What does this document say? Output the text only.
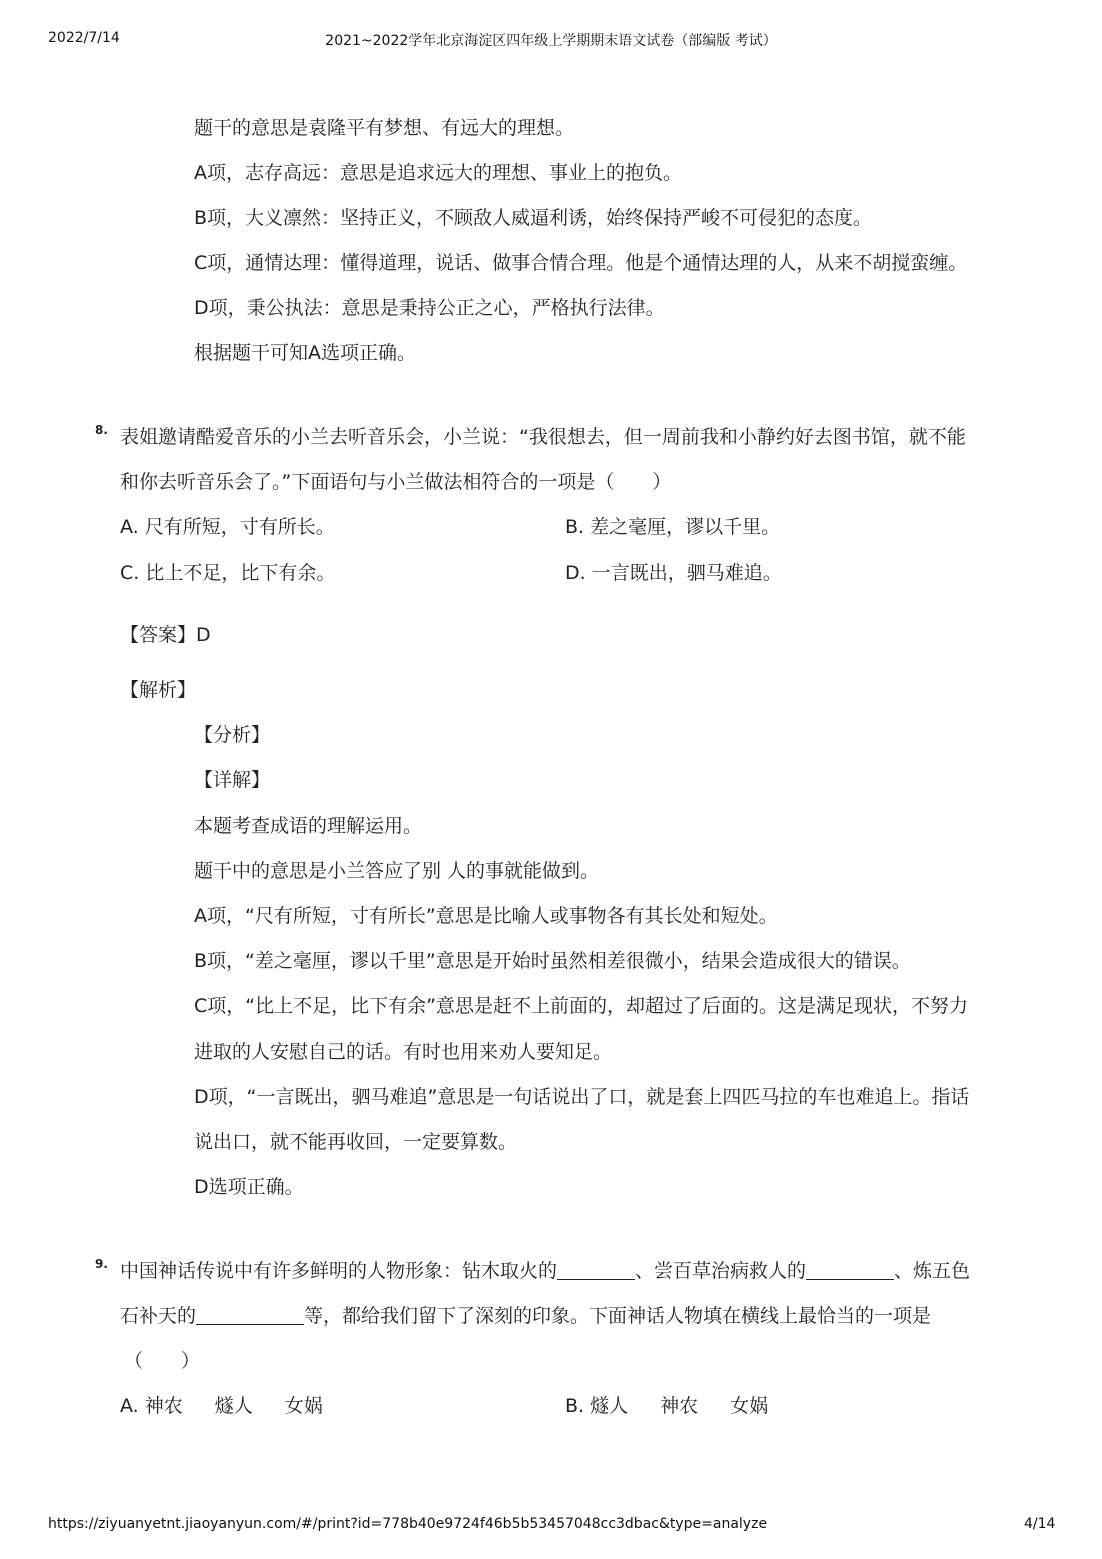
2022/7/14	2021~2022学年北京海淀区四年级上学期期末语文试卷（部编版 考试）
题干的意思是袁隆平有梦想、有远大的理想。
A项，志存高远：意思是追求远大的理想、事业上的抱负。
B项，大义凛然：坚持正义，不顾敌人威逼利诱，始终保持严峻不可侵犯的态度。
C项，通情达理：懂得道理，说话、做事合情合理。他是个通情达理的人，从来不胡搅蛮缠。
D项，秉公执法：意思是秉持公正之心，严格执行法律。
根据题干可知A选项正确。
8. 表姐邀请酷爱音乐的小兰去听音乐会，小兰说：“我很想去，但一周前我和小静约好去图书馆，就不能
和你去听音乐会了。”下面语句与小兰做法相符合的一项是（　　）
A. 尺有所短，寸有所长。	B. 差之毫厘，谬以千里。
C. 比上不足，比下有余。	D. 一言既出，驷马难追。
【答案】D
【解析】
【分析】
【详解】
本题考查成语的理解运用。
题干中的意思是小兰答应了别 人的事就能做到。
A项，“尺有所短，寸有所长”意思是比喻人或事物各有其长处和短处。
B项，“差之毫厘，谬以千里”意思是开始时虽然相差很微小，结果会造成很大的错误。
C项，“比上不足，比下有余”意思是赶不上前面的，却超过了后面的。这是满足现状，不努力
进取的人安慰自己的话。有时也用来劝人要知足。
D项，“一言既出，驷马难追”意思是一句话说出了口，就是套上四匹马拉的车也难追上。指话
说出口，就不能再收回，一定要算数。
D选项正确。
9. 中国神话传说中有许多鲜明的人物形象：钻木取火的	、尝百草治病救人的	、炼五色
石补天的	等，都给我们留下了深刻的印象。下面神话人物填在横线上最恰当的一项是
（　　）
A. 神农 燧人 女娲	B. 燧人 神农 女娲
https://ziyuanyetnt.jiaoyanyun.com/#/print?id=778b40e9724f46b5b53457048cc3dbac&type=analyze	4/14
